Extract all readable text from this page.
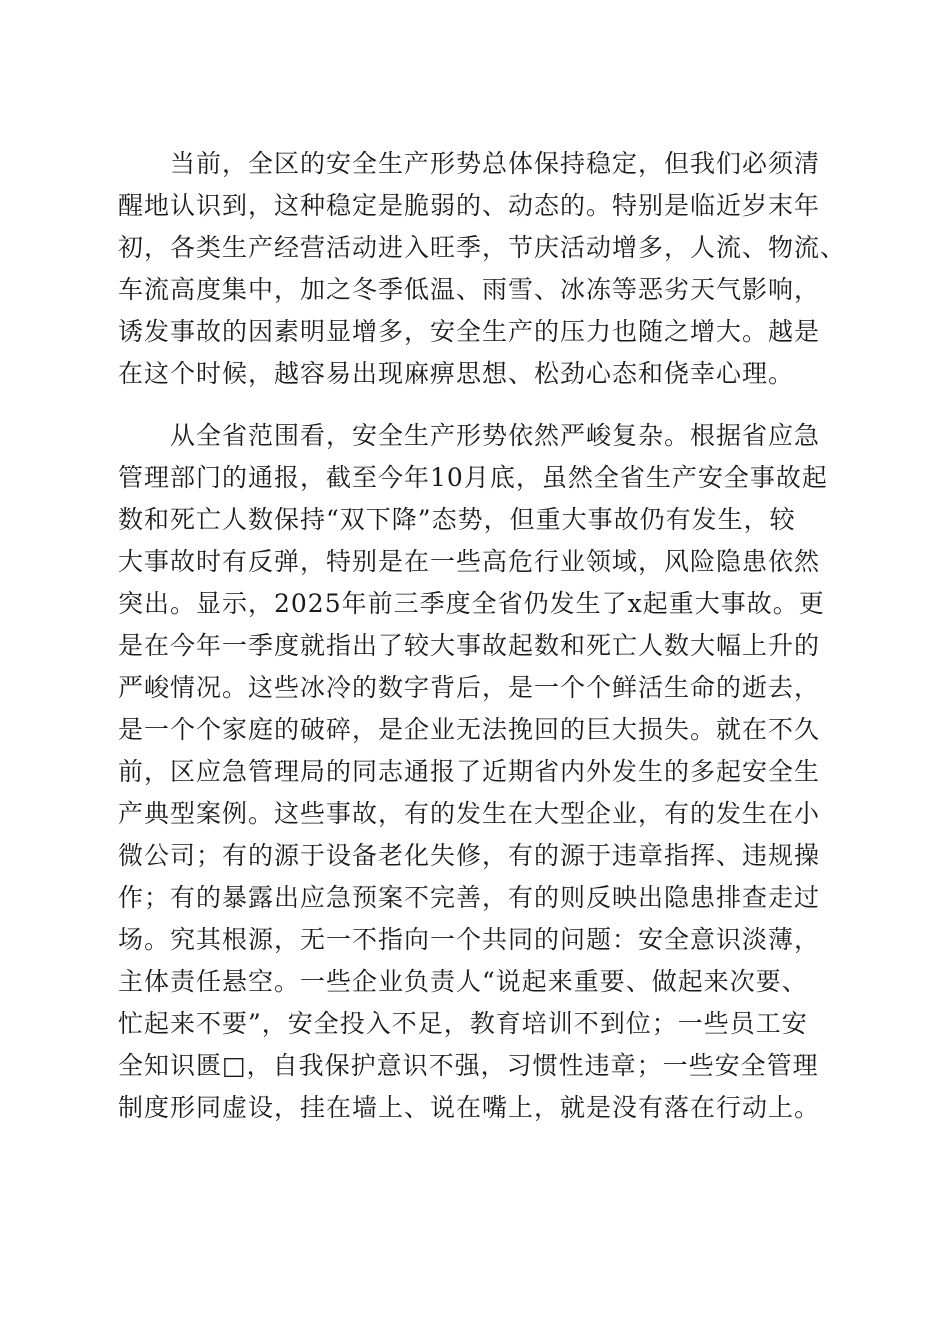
当前，全区的安全生产形势总体保持稳定，但我们必须清
醒地认识到，这种稳定是脆弱的、动态的。特别是临近岁末年
初，各类生产经营活动进入旺季，节庆活动增多，人流、物流、
车流高度集中，加之冬季低温、雨雪、冰冻等恶劣天气影响，
诱发事故的因素明显增多，安全生产的压力也随之增大。越是
在这个时候，越容易出现麻痹思想、松劲心态和侥幸心理。
从全省范围看，安全生产形势依然严峻复杂。根据省应急
管理部门的通报，截至今年10月底，虽然全省生产安全事故起
数和死亡人数保持“双下降”态势，但重大事故仍有发生，较
大事故时有反弹，特别是在一些高危行业领域，风险隐患依然
突出。显示，2025年前三季度全省仍发生了x起重大事故。更
是在今年一季度就指出了较大事故起数和死亡人数大幅上升的
严峻情况。这些冰冷的数字背后，是一个个鲜活生命的逝去，
是一个个家庭的破碎，是企业无法挽回的巨大损失。就在不久
前，区应急管理局的同志通报了近期省内外发生的多起安全生
产典型案例。这些事故，有的发生在大型企业，有的发生在小
微公司；有的源于设备老化失修，有的源于违章指挥、违规操
作；有的暴露出应急预案不完善，有的则反映出隐患排查走过
场。究其根源，无一不指向一个共同的问题：安全意识淡薄，
主体责任悬空。一些企业负责人“说起来重要、做起来次要、
忙起来不要”，安全投入不足，教育培训不到位；一些员工安
全知识匮□，自我保护意识不强，习惯性违章；一些安全管理
制度形同虚设，挂在墙上、说在嘴上，就是没有落在行动上。
